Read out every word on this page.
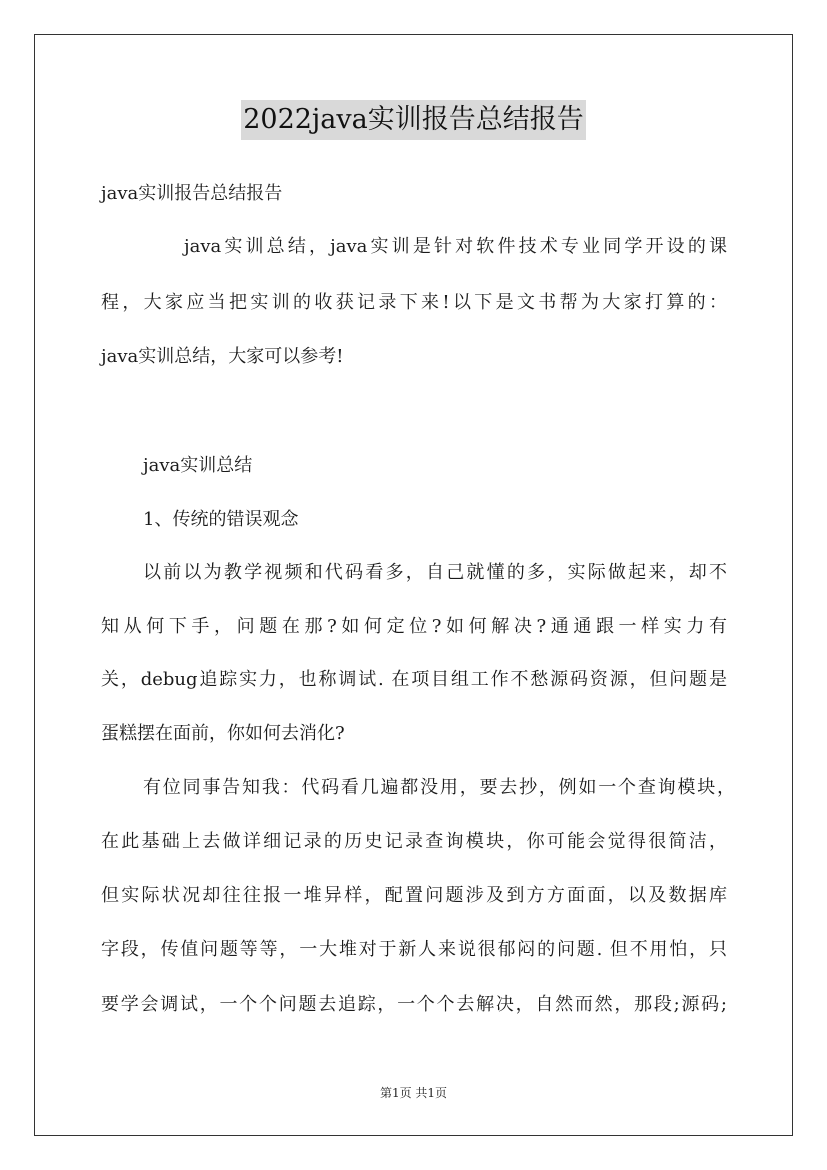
2022java实训报告总结报告
java实训报告总结报告
java实训总结，java实训是针对软件技术专业同学开设的课
程，大家应当把实训的收获记录下来!以下是文书帮为大家打算的：
java实训总结，大家可以参考!
java实训总结
1、传统的错误观念
以前以为教学视频和代码看多，自己就懂的多，实际做起来，却不
知从何下手，问题在那?如何定位?如何解决?通通跟一样实力有
关，debug追踪实力，也称调试. 在项目组工作不愁源码资源，但问题是
蛋糕摆在面前，你如何去消化?
有位同事告知我：代码看几遍都没用，要去抄，例如一个查询模块，
在此基础上去做详细记录的历史记录查询模块，你可能会觉得很简洁，
但实际状况却往往报一堆异样，配置问题涉及到方方面面，以及数据库
字段，传值问题等等，一大堆对于新人来说很郁闷的问题. 但不用怕，只
要学会调试，一个个问题去追踪，一个个去解决，自然而然，那段;源码;
第1页 共1页
